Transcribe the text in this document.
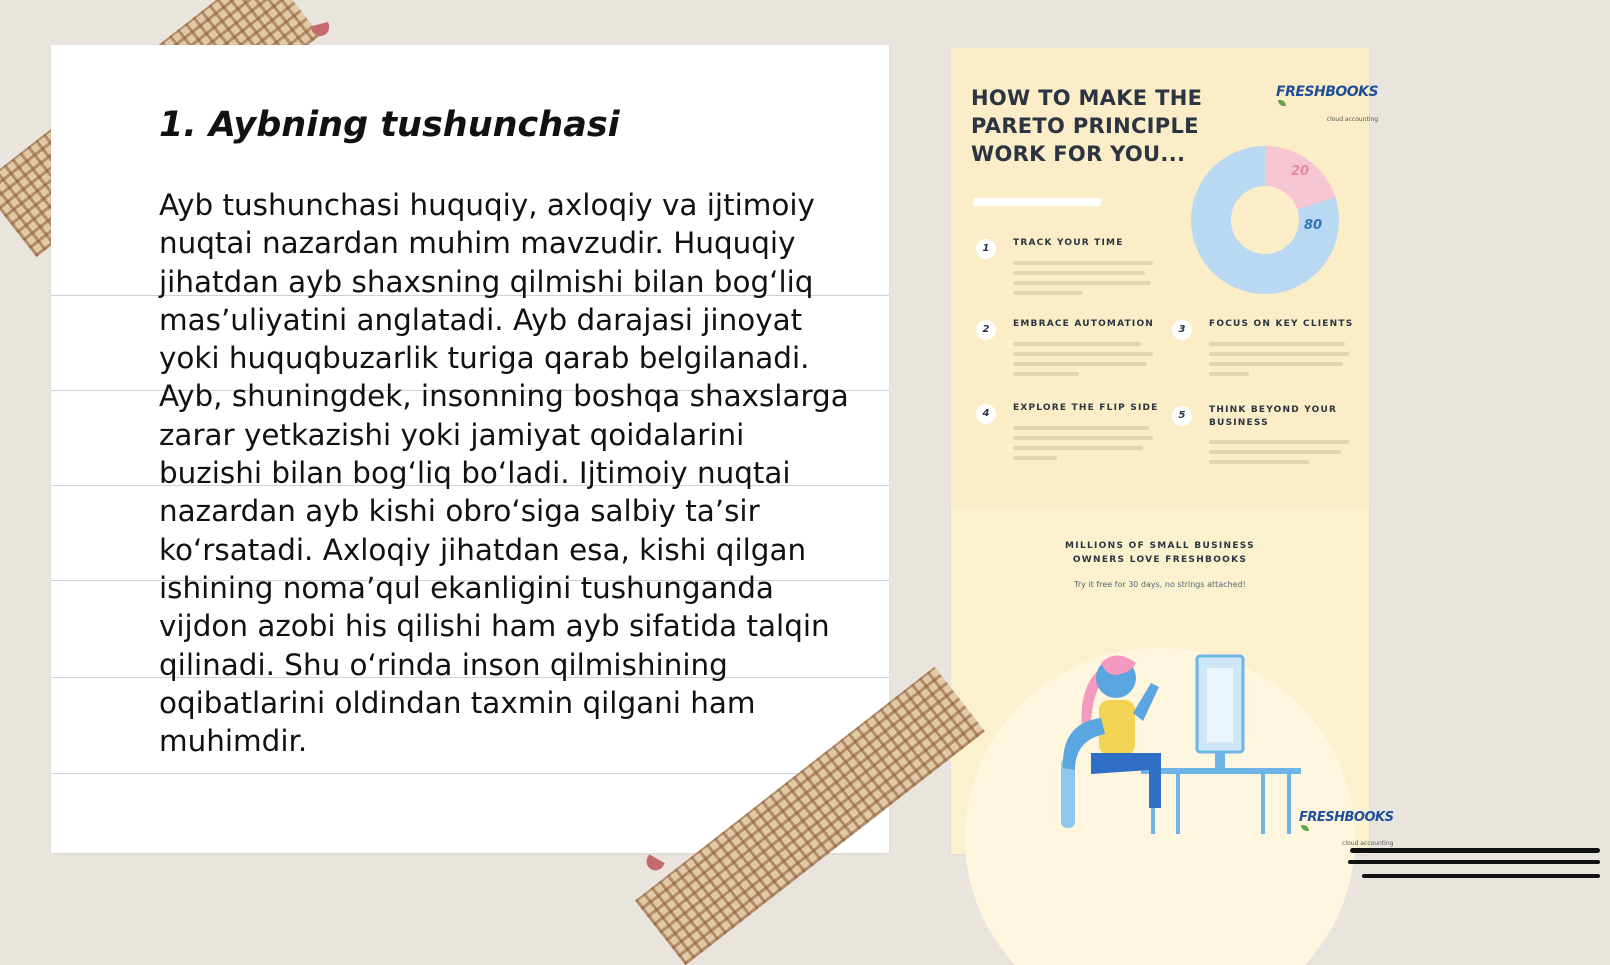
1. Aybning tushunchasi

Ayb tushunchasi huquqiy, axloqiy va ijtimoiy nuqtai nazardan muhim mavzudir. Huquqiy jihatdan ayb shaxsning qilmishi bilan bog‘liq mas’uliyatini anglatadi. Ayb darajasi jinoyat yoki huquqbuzarlik turiga qarab belgilanadi. Ayb, shuningdek, insonning boshqa shaxslarga zarar yetkazishi yoki jamiyat qoidalarini buzishi bilan bog‘liq bo‘ladi. Ijtimoiy nuqtai nazardan ayb kishi obro‘siga salbiy ta’sir ko‘rsatadi. Axloqiy jihatdan esa, kishi qilgan ishining noma’qul ekanligini tushunganda vijdon azobi his qilishi ham ayb sifatida talqin qilinadi. Shu o‘rinda inson qilmishining oqibatlarini oldindan taxmin qilgani ham muhimdir.

HOW TO MAKE THE PARETO PRINCIPLE WORK FOR YOU...
FRESHBOOKS
cloud accounting
20
80
1	TRACK YOUR TIME
2	EMBRACE AUTOMATION
4	EXPLORE THE FLIP SIDE
3	FOCUS ON KEY CLIENTS
5	THINK BEYOND YOUR BUSINESS
MILLIONS OF SMALL BUSINESS OWNERS LOVE FRESHBOOKS
Try it free for 30 days, no strings attached!
FRESHBOOKS
cloud accounting
